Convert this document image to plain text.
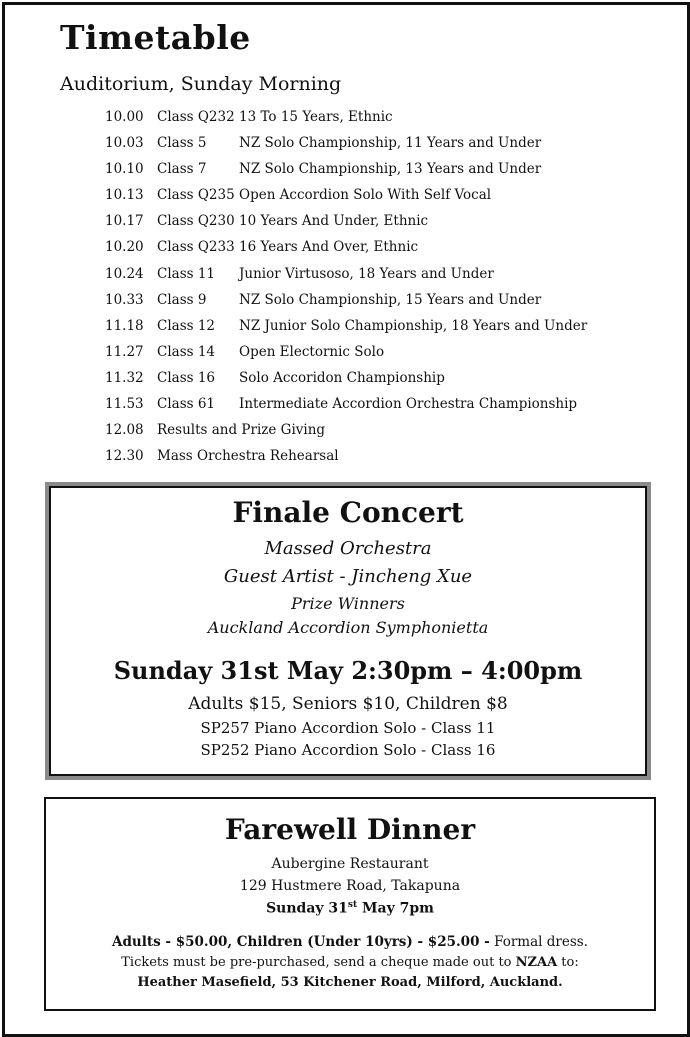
Timetable
Auditorium, Sunday Morning
10.00 Class Q232 13 To 15 Years, Ethnic
10.03 Class 5 NZ Solo Championship, 11 Years and Under
10.10 Class 7 NZ Solo Championship, 13 Years and Under
10.13 Class Q235 Open Accordion Solo With Self Vocal
10.17 Class Q230 10 Years And Under, Ethnic
10.20 Class Q233 16 Years And Over, Ethnic
10.24 Class 11 Junior Virtusoso, 18 Years and Under
10.33 Class 9 NZ Solo Championship, 15 Years and Under
11.18 Class 12 NZ Junior Solo Championship, 18 Years and Under
11.27 Class 14 Open Electornic Solo
11.32 Class 16 Solo Accoridon Championship
11.53 Class 61 Intermediate Accordion Orchestra Championship
12.08 Results and Prize Giving
12.30 Mass Orchestra Rehearsal
Finale Concert
Massed Orchestra
Guest Artist - Jincheng Xue
Prize Winners
Auckland Accordion Symphonietta
Sunday 31st May 2:30pm – 4:00pm
Adults $15, Seniors $10, Children $8
SP257 Piano Accordion Solo - Class 11
SP252 Piano Accordion Solo - Class 16
Farewell Dinner
Aubergine Restaurant
129 Hustmere Road, Takapuna
Sunday 31st May 7pm
Adults - $50.00, Children (Under 10yrs) - $25.00 - Formal dress.
Tickets must be pre-purchased, send a cheque made out to NZAA to:
Heather Masefield, 53 Kitchener Road, Milford, Auckland.
